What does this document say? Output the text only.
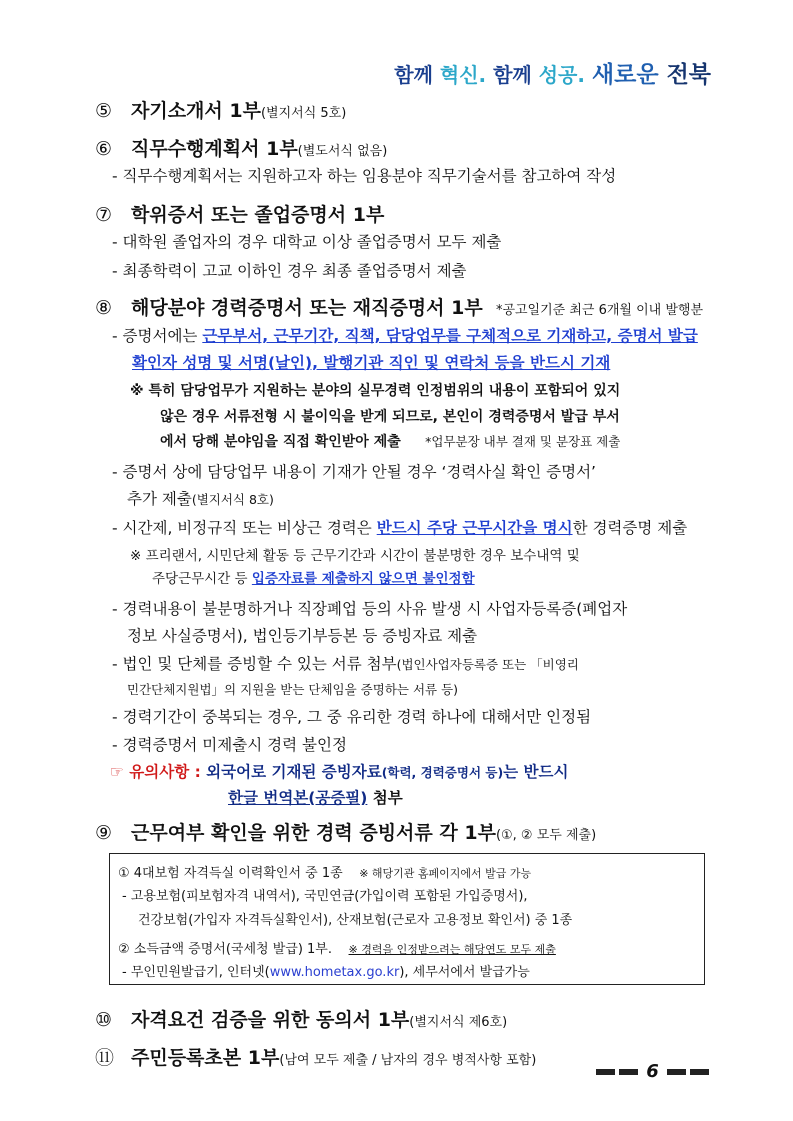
함께 혁신. 함께 성공. 새로운 전북
⑤ 자기소개서 1부(별지서식 5호)
⑥ 직무수행계획서 1부(별도서식 없음)
- 직무수행계획서는 지원하고자 하는 임용분야 직무기술서를 참고하여 작성
⑦ 학위증서 또는 졸업증명서 1부
- 대학원 졸업자의 경우 대학교 이상 졸업증명서 모두 제출
- 최종학력이 고교 이하인 경우 최종 졸업증명서 제출
⑧ 해당분야 경력증명서 또는 재직증명서 1부 *공고일기준 최근 6개월 이내 발행분
- 증명서에는 근무부서, 근무기간, 직책, 담당업무를 구체적으로 기재하고, 증명서 발급
확인자 성명 및 서명(날인), 발행기관 직인 및 연락처 등을 반드시 기재
※ 특히 담당업무가 지원하는 분야의 실무경력 인정범위의 내용이 포함되어 있지
않은 경우 서류전형 시 불이익을 받게 되므로, 본인이 경력증명서 발급 부서
에서 당해 분야임을 직접 확인받아 제출 *업무분장 내부 결재 및 분장표 제출
- 증명서 상에 담당업무 내용이 기재가 안될 경우 ‘경력사실 확인 증명서’
추가 제출(별지서식 8호)
- 시간제, 비정규직 또는 비상근 경력은 반드시 주당 근무시간을 명시한 경력증명 제출
※ 프리랜서, 시민단체 활동 등 근무기간과 시간이 불분명한 경우 보수내역 및
주당근무시간 등 입증자료를 제출하지 않으면 불인정함
- 경력내용이 불분명하거나 직장폐업 등의 사유 발생 시 사업자등록증(폐업자
정보 사실증명서), 법인등기부등본 등 증빙자료 제출
- 법인 및 단체를 증빙할 수 있는 서류 첨부(법인사업자등록증 또는 「비영리
민간단체지원법」의 지원을 받는 단체임을 증명하는 서류 등)
- 경력기간이 중복되는 경우, 그 중 유리한 경력 하나에 대해서만 인정됨
- 경력증명서 미제출시 경력 불인정
☞ 유의사항 : 외국어로 기재된 증빙자료(학력, 경력증명서 등)는 반드시
한글 번역본(공증필) 첨부
⑨ 근무여부 확인을 위한 경력 증빙서류 각 1부(①, ② 모두 제출)
① 4대보험 자격득실 이력확인서 중 1종 ※ 해당기관 홈페이지에서 발급 가능
- 고용보험(피보험자격 내역서), 국민연금(가입이력 포함된 가입증명서),
건강보험(가입자 자격득실확인서), 산재보험(근로자 고용정보 확인서) 중 1종
② 소득금액 증명서(국세청 발급) 1부. ※ 경력을 인정받으려는 해당연도 모두 제출
- 무인민원발급기, 인터넷(www.hometax.go.kr), 세무서에서 발급가능
⑩ 자격요건 검증을 위한 동의서 1부(별지서식 제6호)
⑪ 주민등록초본 1부(남여 모두 제출 / 남자의 경우 병적사항 포함)
6
